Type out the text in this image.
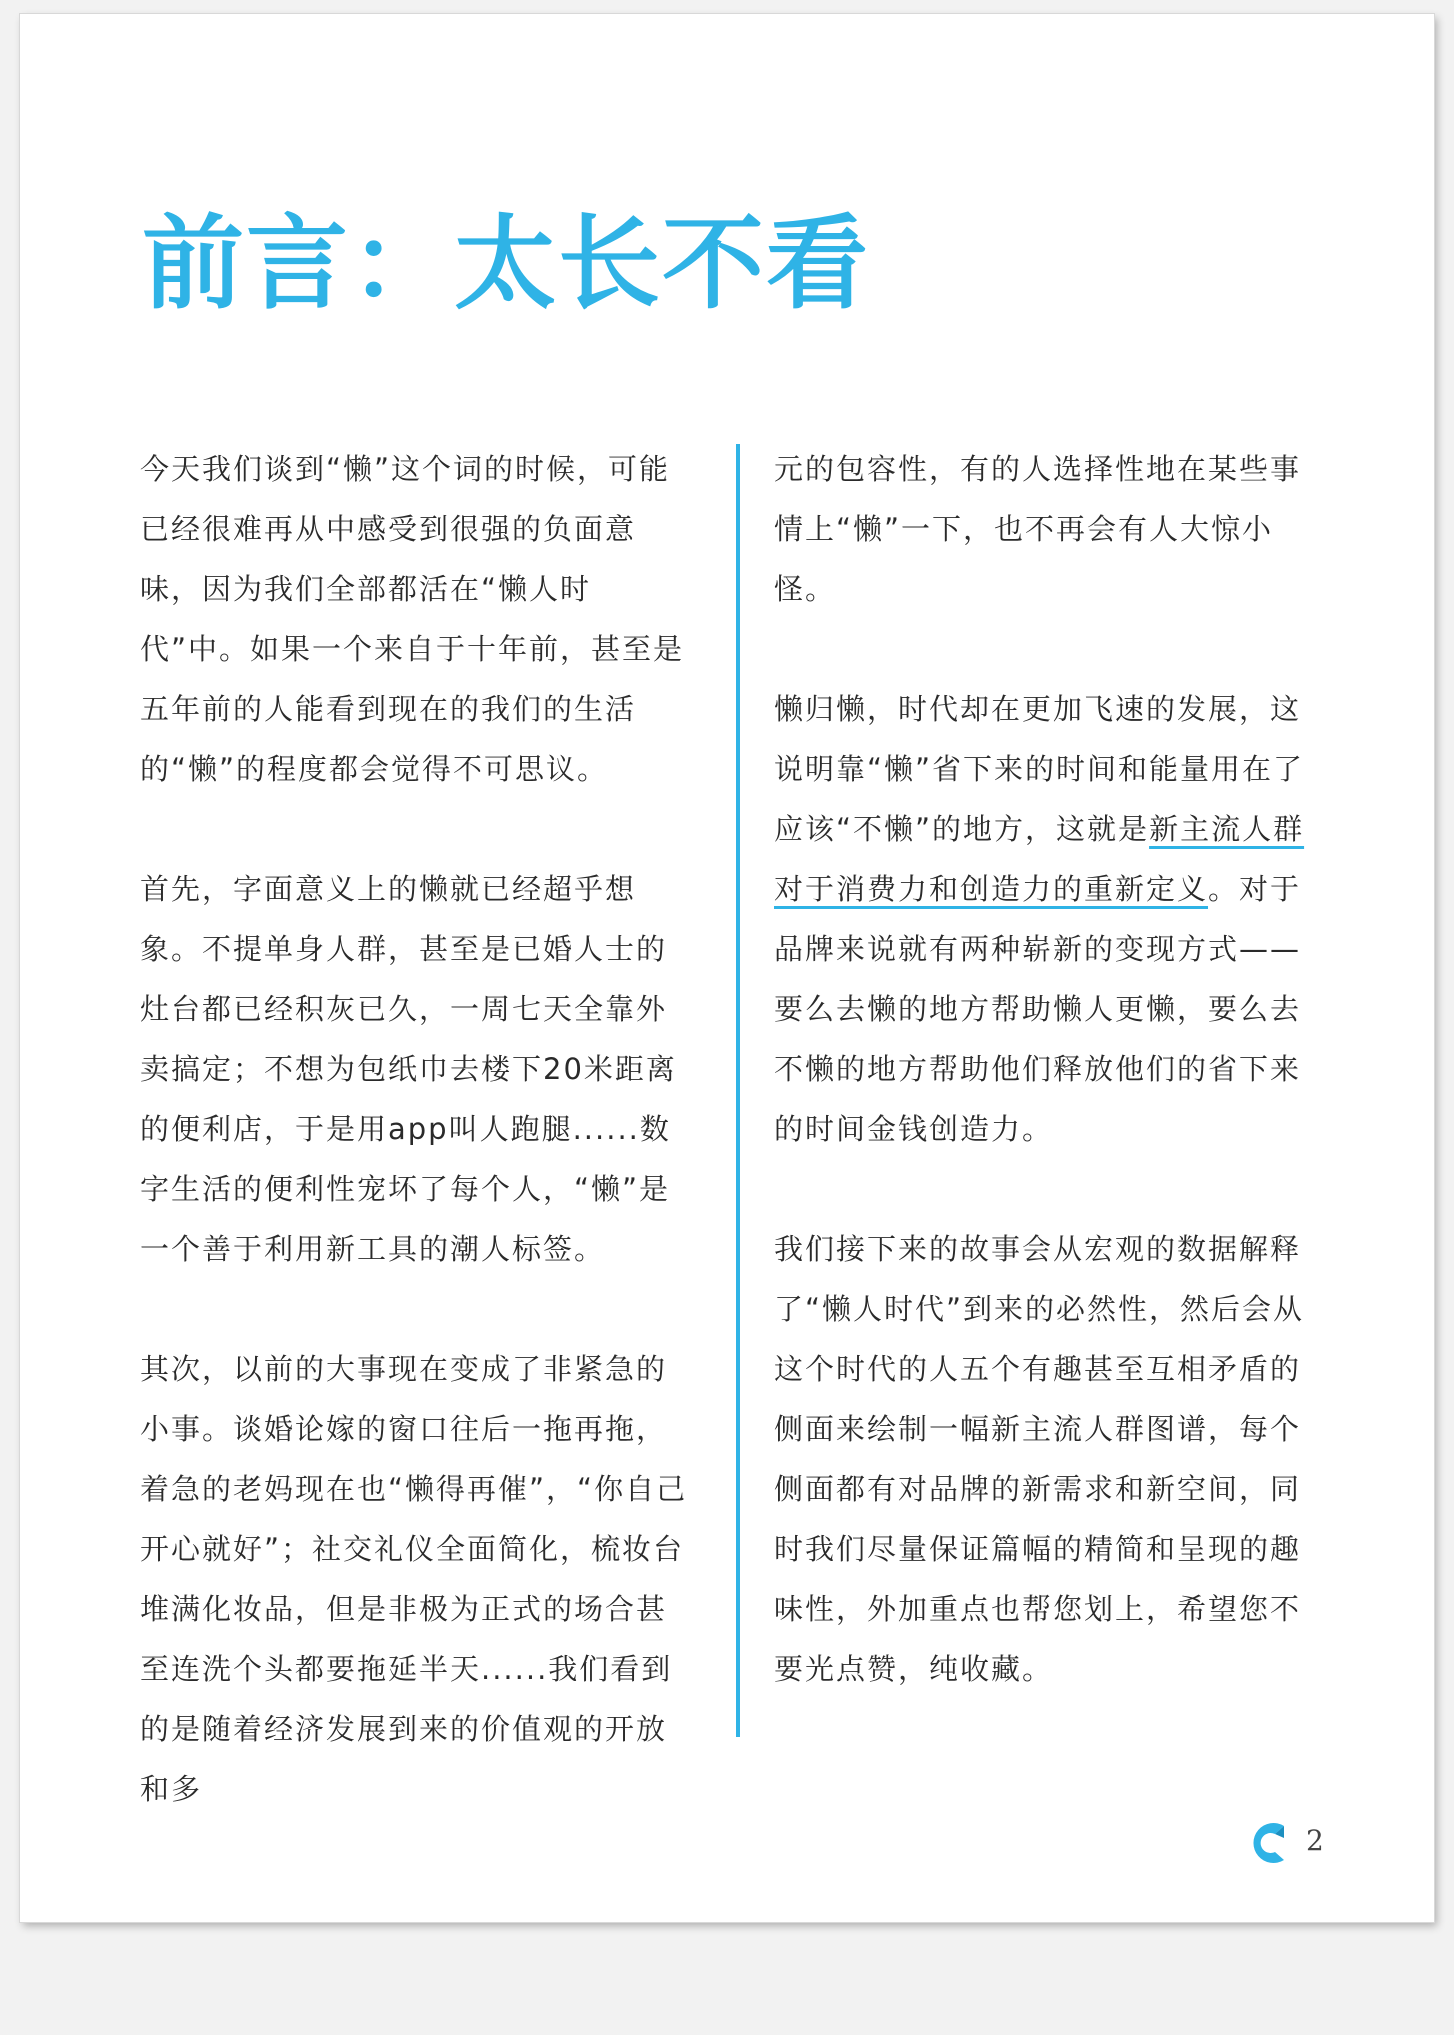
前言：太长不看

今天我们谈到“懒”这个词的时候，可能已经很难再从中感受到很强的负面意味，因为我们全部都活在“懒人时代”中。如果一个来自于十年前，甚至是五年前的人能看到现在的我们的生活的“懒”的程度都会觉得不可思议。

首先，字面意义上的懒就已经超乎想象。不提单身人群，甚至是已婚人士的灶台都已经积灰已久，一周七天全靠外卖搞定；不想为包纸巾去楼下20米距离的便利店，于是用app叫人跑腿......数字生活的便利性宠坏了每个人，“懒”是一个善于利用新工具的潮人标签。

其次，以前的大事现在变成了非紧急的小事。谈婚论嫁的窗口往后一拖再拖，着急的老妈现在也“懒得再催”，“你自己开心就好”；社交礼仪全面简化，梳妆台堆满化妆品，但是非极为正式的场合甚至连洗个头都要拖延半天......我们看到的是随着经济发展到来的价值观的开放和多

元的包容性，有的人选择性地在某些事情上“懒”一下，也不再会有人大惊小怪。

懒归懒，时代却在更加飞速的发展，这说明靠“懒”省下来的时间和能量用在了应该“不懒”的地方，这就是新主流人群对于消费力和创造力的重新定义。对于品牌来说就有两种崭新的变现方式——要么去懒的地方帮助懒人更懒，要么去不懒的地方帮助他们释放他们的省下来的时间金钱创造力。

我们接下来的故事会从宏观的数据解释了“懒人时代”到来的必然性，然后会从这个时代的人五个有趣甚至互相矛盾的侧面来绘制一幅新主流人群图谱，每个侧面都有对品牌的新需求和新空间，同时我们尽量保证篇幅的精简和呈现的趣味性，外加重点也帮您划上，希望您不要光点赞，纯收藏。

2
